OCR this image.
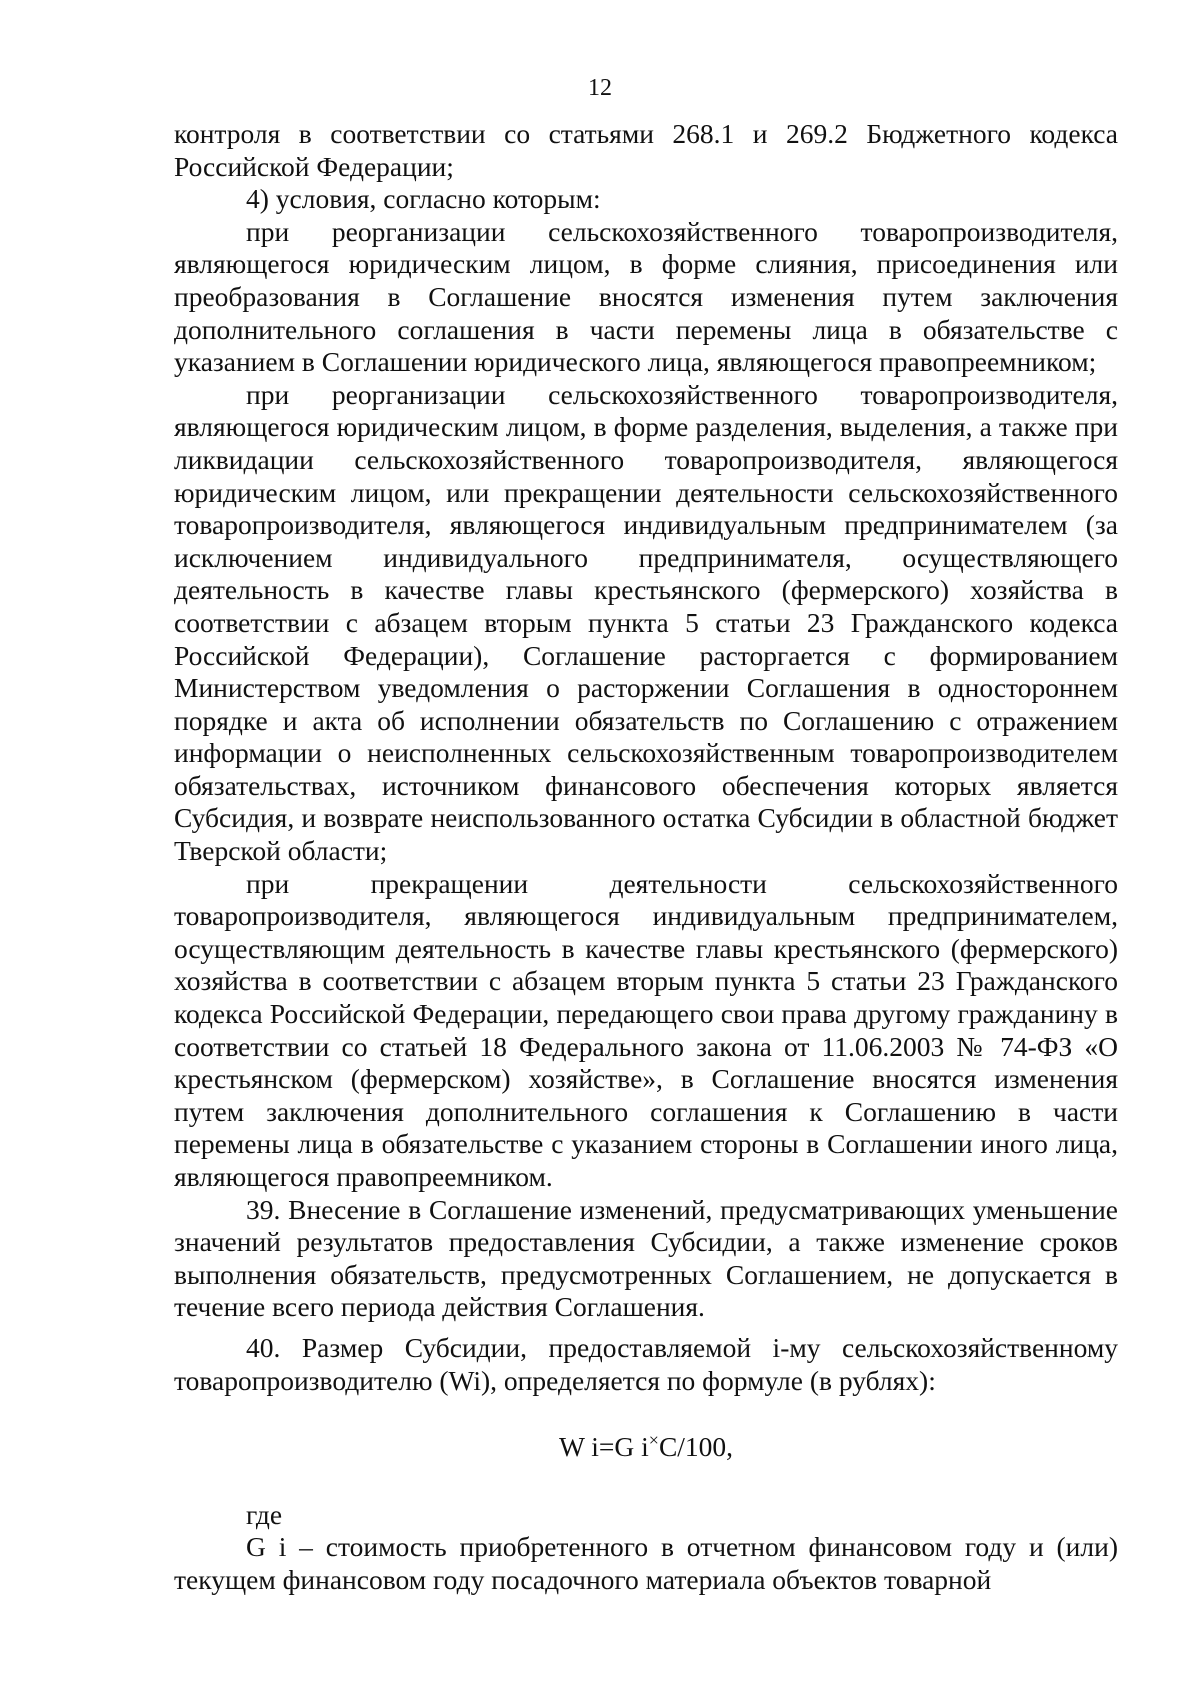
12

контроля в соответствии со статьями 268.1 и 269.2 Бюджетного кодекса Российской Федерации;

4) условия, согласно которым:

при реорганизации сельскохозяйственного товаропроизводителя, являющегося юридическим лицом, в форме слияния, присоединения или преобразования в Соглашение вносятся изменения путем заключения дополнительного соглашения в части перемены лица в обязательстве с указанием в Соглашении юридического лица, являющегося правопреемником;

при реорганизации сельскохозяйственного товаропроизводителя, являющегося юридическим лицом, в форме разделения, выделения, а также при ликвидации сельскохозяйственного товаропроизводителя, являющегося юридическим лицом, или прекращении деятельности сельскохозяйственного товаропроизводителя, являющегося индивидуальным предпринимателем (за исключением индивидуального предпринимателя, осуществляющего деятельность в качестве главы крестьянского (фермерского) хозяйства в соответствии с абзацем вторым пункта 5 статьи 23 Гражданского кодекса Российской Федерации), Соглашение расторгается с формированием Министерством уведомления о расторжении Соглашения в одностороннем порядке и акта об исполнении обязательств по Соглашению с отражением информации о неисполненных сельскохозяйственным товаропроизводителем обязательствах, источником финансового обеспечения которых является Субсидия, и возврате неиспользованного остатка Субсидии в областной бюджет Тверской области;

при прекращении деятельности сельскохозяйственного товаропроизводителя, являющегося индивидуальным предпринимателем, осуществляющим деятельность в качестве главы крестьянского (фермерского) хозяйства в соответствии с абзацем вторым пункта 5 статьи 23 Гражданского кодекса Российской Федерации, передающего свои права другому гражданину в соответствии со статьей 18 Федерального закона от 11.06.2003 № 74-ФЗ «О крестьянском (фермерском) хозяйстве», в Соглашение вносятся изменения путем заключения дополнительного соглашения к Соглашению в части перемены лица в обязательстве с указанием стороны в Соглашении иного лица, являющегося правопреемником.

39. Внесение в Соглашение изменений, предусматривающих уменьшение значений результатов предоставления Субсидии, а также изменение сроков выполнения обязательств, предусмотренных Соглашением, не допускается в течение всего периода действия Соглашения.

40. Размер Субсидии, предоставляемой i-му сельскохозяйственному товаропроизводителю (Wi), определяется по формуле (в рублях):

W i=G i×C/100,

где

G i – стоимость приобретенного в отчетном финансовом году и (или) текущем финансовом году посадочного материала объектов товарной
